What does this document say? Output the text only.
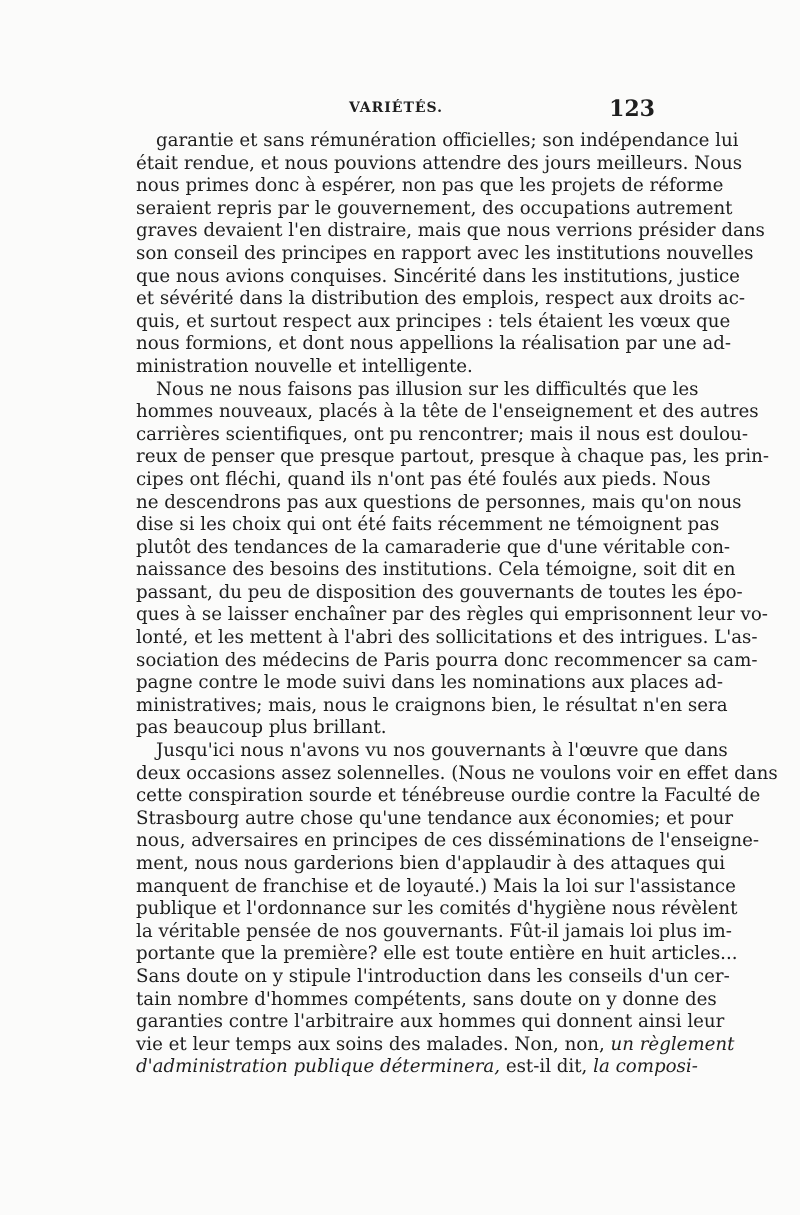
VARIÉTÉS.	123
garantie et sans rémunération officielles; son indépendance lui
était rendue, et nous pouvions attendre des jours meilleurs. Nous
nous primes donc à espérer, non pas que les projets de réforme
seraient repris par le gouvernement, des occupations autrement
graves devaient l'en distraire, mais que nous verrions présider dans
son conseil des principes en rapport avec les institutions nouvelles
que nous avions conquises. Sincérité dans les institutions, justice
et sévérité dans la distribution des emplois, respect aux droits ac-
quis, et surtout respect aux principes : tels étaient les vœux que
nous formions, et dont nous appellions la réalisation par une ad-
ministration nouvelle et intelligente.
Nous ne nous faisons pas illusion sur les difficultés que les
hommes nouveaux, placés à la tête de l'enseignement et des autres
carrières scientifiques, ont pu rencontrer; mais il nous est doulou-
reux de penser que presque partout, presque à chaque pas, les prin-
cipes ont fléchi, quand ils n'ont pas été foulés aux pieds. Nous
ne descendrons pas aux questions de personnes, mais qu'on nous
dise si les choix qui ont été faits récemment ne témoignent pas
plutôt des tendances de la camaraderie que d'une véritable con-
naissance des besoins des institutions. Cela témoigne, soit dit en
passant, du peu de disposition des gouvernants de toutes les épo-
ques à se laisser enchaîner par des règles qui emprisonnent leur vo-
lonté, et les mettent à l'abri des sollicitations et des intrigues. L'as-
sociation des médecins de Paris pourra donc recommencer sa cam-
pagne contre le mode suivi dans les nominations aux places ad-
ministratives; mais, nous le craignons bien, le résultat n'en sera
pas beaucoup plus brillant.
Jusqu'ici nous n'avons vu nos gouvernants à l'œuvre que dans
deux occasions assez solennelles. (Nous ne voulons voir en effet dans
cette conspiration sourde et ténébreuse ourdie contre la Faculté de
Strasbourg autre chose qu'une tendance aux économies; et pour
nous, adversaires en principes de ces disséminations de l'enseigne-
ment, nous nous garderions bien d'applaudir à des attaques qui
manquent de franchise et de loyauté.) Mais la loi sur l'assistance
publique et l'ordonnance sur les comités d'hygiène nous révèlent
la véritable pensée de nos gouvernants. Fût-il jamais loi plus im-
portante que la première? elle est toute entière en huit articles...
Sans doute on y stipule l'introduction dans les conseils d'un cer-
tain nombre d'hommes compétents, sans doute on y donne des
garanties contre l'arbitraire aux hommes qui donnent ainsi leur
vie et leur temps aux soins des malades. Non, non, un règlement
d'administration publique déterminera, est-il dit, la composi-
